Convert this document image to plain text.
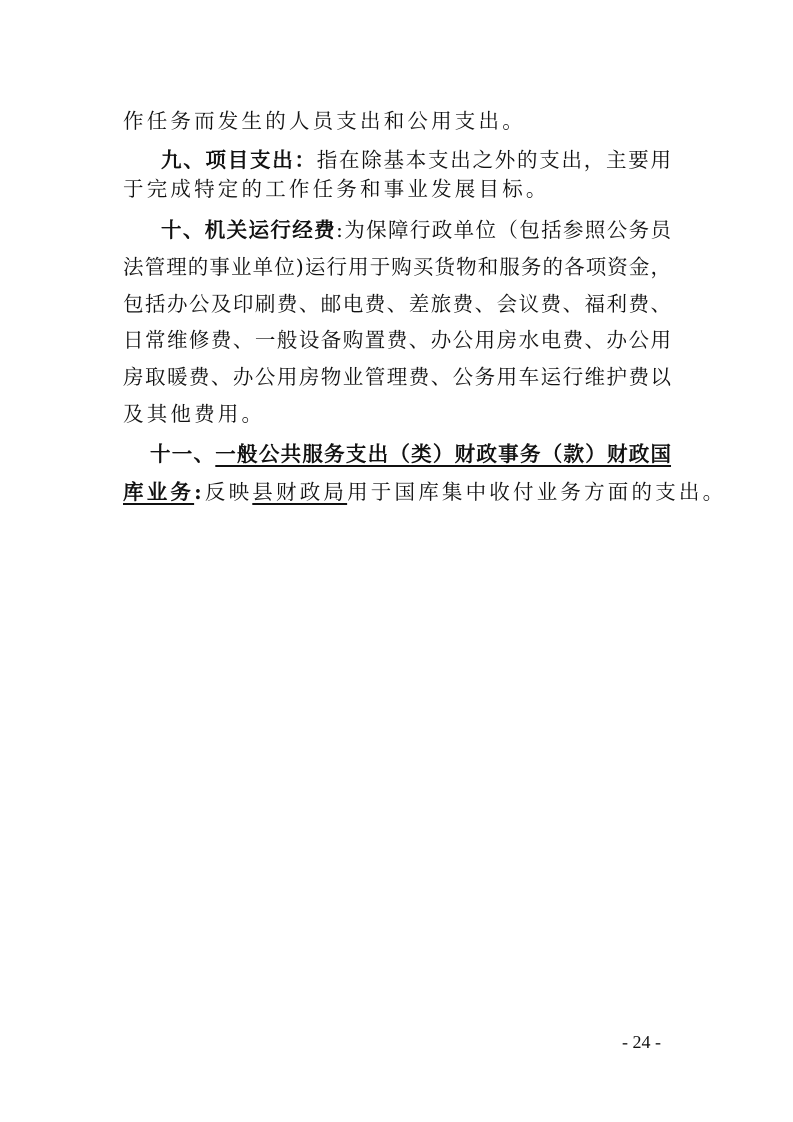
作任务而发生的人员支出和公用支出。
九、项目支出：指在除基本支出之外的支出，主要用
于完成特定的工作任务和事业发展目标。
十、机关运行经费:为保障行政单位（包括参照公务员
法管理的事业单位)运行用于购买货物和服务的各项资金，
包括办公及印刷费、邮电费、差旅费、会议费、福利费、
日常维修费、一般设备购置费、办公用房水电费、办公用
房取暖费、办公用房物业管理费、公务用车运行维护费以
及其他费用。
十一、一般公共服务支出（类）财政事务（款）财政国
库业务:反映县财政局用于国库集中收付业务方面的支出。
- 24 -
